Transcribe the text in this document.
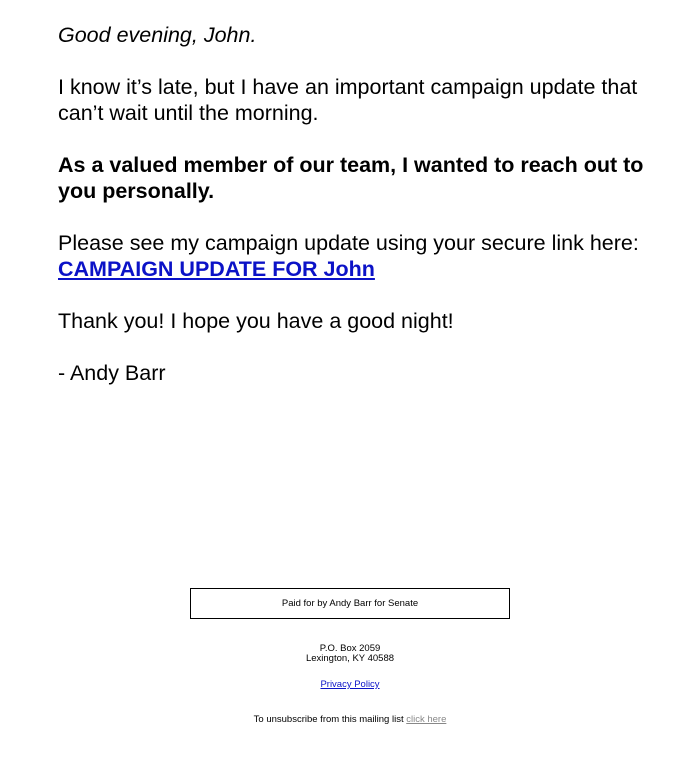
Good evening, John.

I know it’s late, but I have an important campaign update that can’t wait until the morning.

As a valued member of our team, I wanted to reach out to you personally.

Please see my campaign update using your secure link here: CAMPAIGN UPDATE FOR John

Thank you! I hope you have a good night!

- Andy Barr

Paid for by Andy Barr for Senate
P.O. Box 2059
Lexington, KY 40588
Privacy Policy
To unsubscribe from this mailing list click here
